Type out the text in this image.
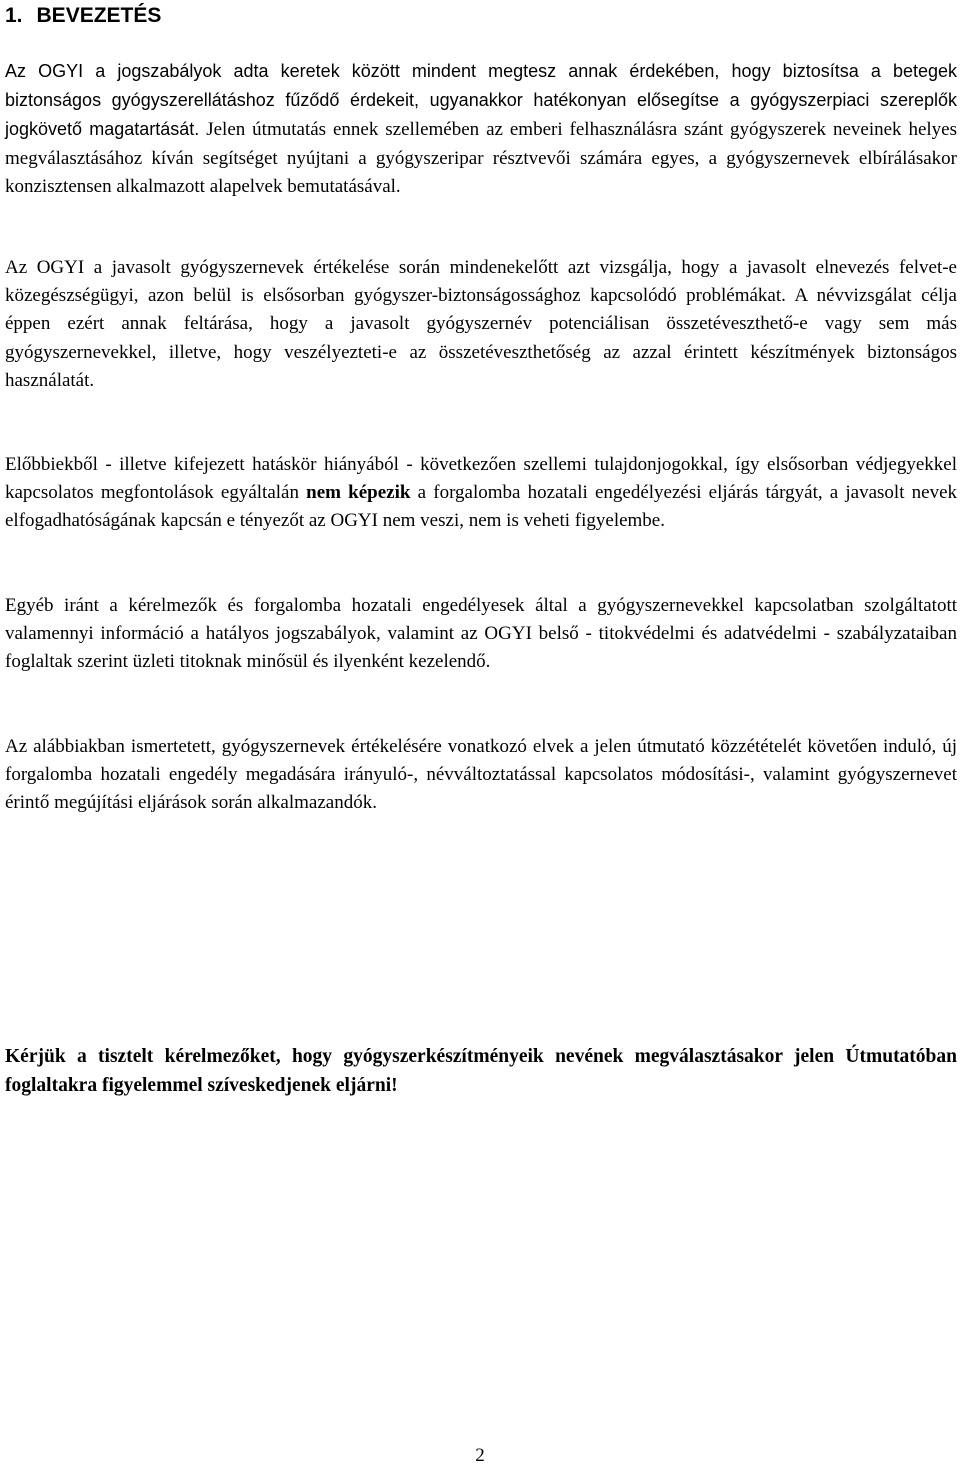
1. BEVEZETÉS

Az OGYI a jogszabályok adta keretek között mindent megtesz annak érdekében, hogy biztosítsa a betegek biztonságos gyógyszerellátáshoz fűződő érdekeit, ugyanakkor hatékonyan elősegítse a gyógyszerpiaci szereplők jogkövető magatartását. Jelen útmutatás ennek szellemében az emberi felhasználásra szánt gyógyszerek neveinek helyes megválasztásához kíván segítséget nyújtani a gyógyszeripar résztvevői számára egyes, a gyógyszernevek elbírálásakor konzisztensen alkalmazott alapelvek bemutatásával.

Az OGYI a javasolt gyógyszernevek értékelése során mindenekelőtt azt vizsgálja, hogy a javasolt elnevezés felvet-e közegészségügyi, azon belül is elsősorban gyógyszer-biztonságossághoz kapcsolódó problémákat. A névvizsgálat célja éppen ezért annak feltárása, hogy a javasolt gyógyszernév potenciálisan összetéveszthető-e vagy sem más gyógyszernevekkel, illetve, hogy veszélyezteti-e az összetéveszthetőség az azzal érintett készítmények biztonságos használatát.

Előbbiekből - illetve kifejezett hatáskör hiányából - következően szellemi tulajdonjogokkal, így elsősorban védjegyekkel kapcsolatos megfontolások egyáltalán nem képezik a forgalomba hozatali engedélyezési eljárás tárgyát, a javasolt nevek elfogadhatóságának kapcsán e tényezőt az OGYI nem veszi, nem is veheti figyelembe.

Egyéb iránt a kérelmezők és forgalomba hozatali engedélyesek által a gyógyszernevekkel kapcsolatban szolgáltatott valamennyi információ a hatályos jogszabályok, valamint az OGYI belső - titokvédelmi és adatvédelmi - szabályzataiban foglaltak szerint üzleti titoknak minősül és ilyenként kezelendő.

Az alábbiakban ismertetett, gyógyszernevek értékelésére vonatkozó elvek a jelen útmutató közzétételét követően induló, új forgalomba hozatali engedély megadására irányuló-, névváltoztatással kapcsolatos módosítási-, valamint gyógyszernevet érintő megújítási eljárások során alkalmazandók.

Kérjük a tisztelt kérelmezőket, hogy gyógyszerkészítményeik nevének megválasztásakor jelen Útmutatóban foglaltakra figyelemmel szíveskedjenek eljárni!

2
